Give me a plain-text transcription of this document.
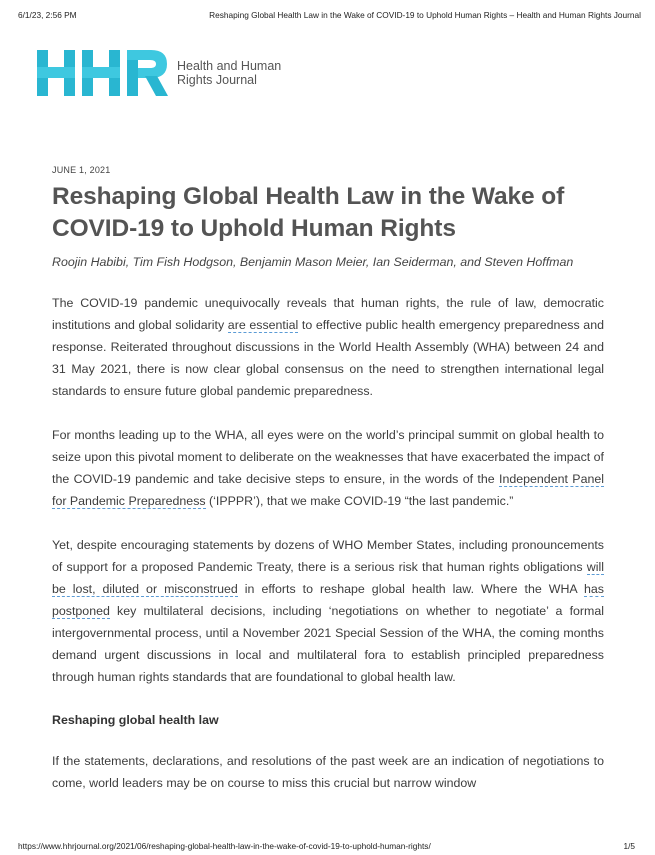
6/1/23, 2:56 PM	Reshaping Global Health Law in the Wake of COVID-19 to Uphold Human Rights – Health and Human Rights Journal
Health and Human
Rights Journal

JUNE 1, 2021

Reshaping Global Health Law in the Wake of COVID-19 to Uphold Human Rights

Roojin Habibi, Tim Fish Hodgson, Benjamin Mason Meier, Ian Seiderman, and Steven Hoffman

The COVID-19 pandemic unequivocally reveals that human rights, the rule of law, democratic institutions and global solidarity are essential to effective public health emergency preparedness and response. Reiterated throughout discussions in the World Health Assembly (WHA) between 24 and 31 May 2021, there is now clear global consensus on the need to strengthen international legal standards to ensure future global pandemic preparedness.

For months leading up to the WHA, all eyes were on the world’s principal summit on global health to seize upon this pivotal moment to deliberate on the weaknesses that have exacerbated the impact of the COVID-19 pandemic and take decisive steps to ensure, in the words of the Independent Panel for Pandemic Preparedness (‘IPPPR’), that we make COVID-19 “the last pandemic.”

Yet, despite encouraging statements by dozens of WHO Member States, including pronouncements of support for a proposed Pandemic Treaty, there is a serious risk that human rights obligations will be lost, diluted or misconstrued in efforts to reshape global health law. Where the WHA has postponed key multilateral decisions, including ‘negotiations on whether to negotiate’ a formal intergovernmental process, until a November 2021 Special Session of the WHA, the coming months demand urgent discussions in local and multilateral fora to establish principled preparedness through human rights standards that are foundational to global health law.

Reshaping global health law

If the statements, declarations, and resolutions of the past week are an indication of negotiations to come, world leaders may be on course to miss this crucial but narrow window

https://www.hhrjournal.org/2021/06/reshaping-global-health-law-in-the-wake-of-covid-19-to-uphold-human-rights/	1/5
